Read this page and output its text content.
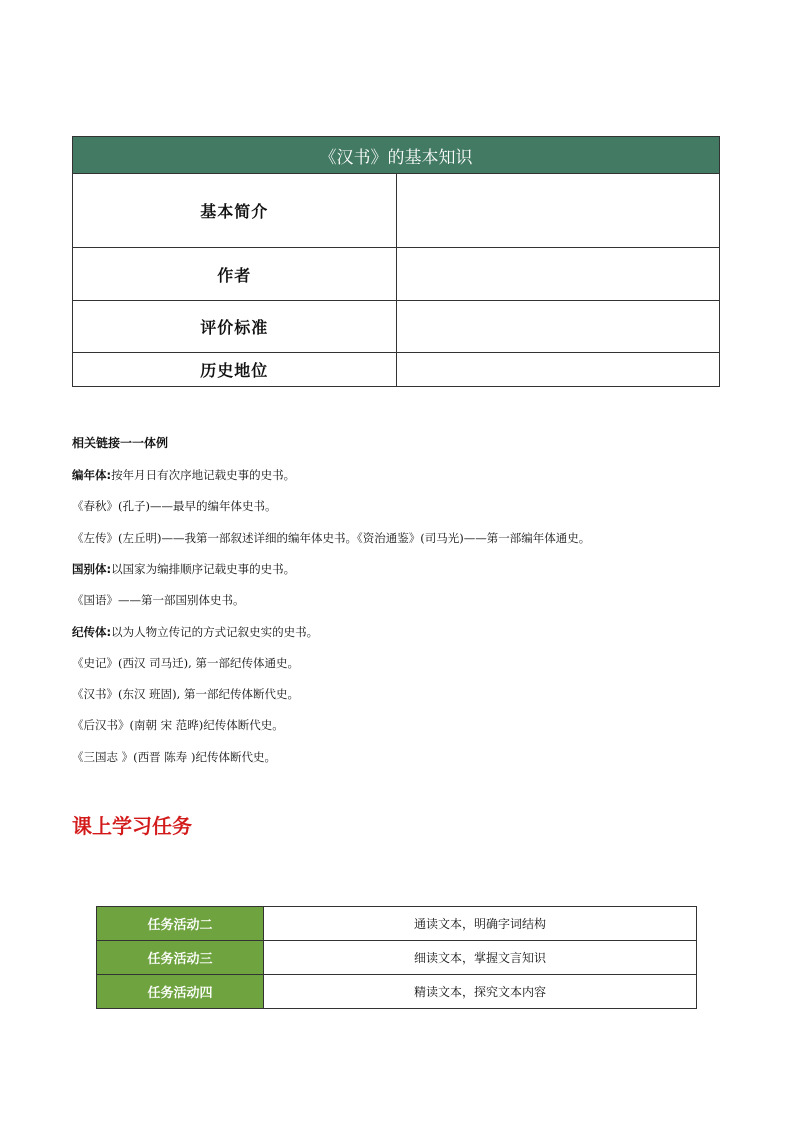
《汉书》的基本知识	
基本简介	
作者	
评价标准	
历史地位	
相关链接一一体例
编年体:按年月日有次序地记载史事的史书。
《春秋》(孔子)——最早的编年体史书。
《左传》(左丘明)——我第一部叙述详细的编年体史书。《资治通鉴》(司马光)——第一部编年体通史。
国别体:以国家为编排顺序记载史事的史书。
《国语》——第一部国别体史书。
纪传体:以为人物立传记的方式记叙史实的史书。
《史记》(西汉 司马迁), 第一部纪传体通史。
《汉书》(东汉 班固), 第一部纪传体断代史。
《后汉书》(南朝 宋 范晔)纪传体断代史。
《三国志 》(西晋 陈寿 )纪传体断代史。
课上学习任务
任务活动二	通读文本，明确字词结构
任务活动三	细读文本，掌握文言知识
任务活动四	精读文本，探究文本内容
